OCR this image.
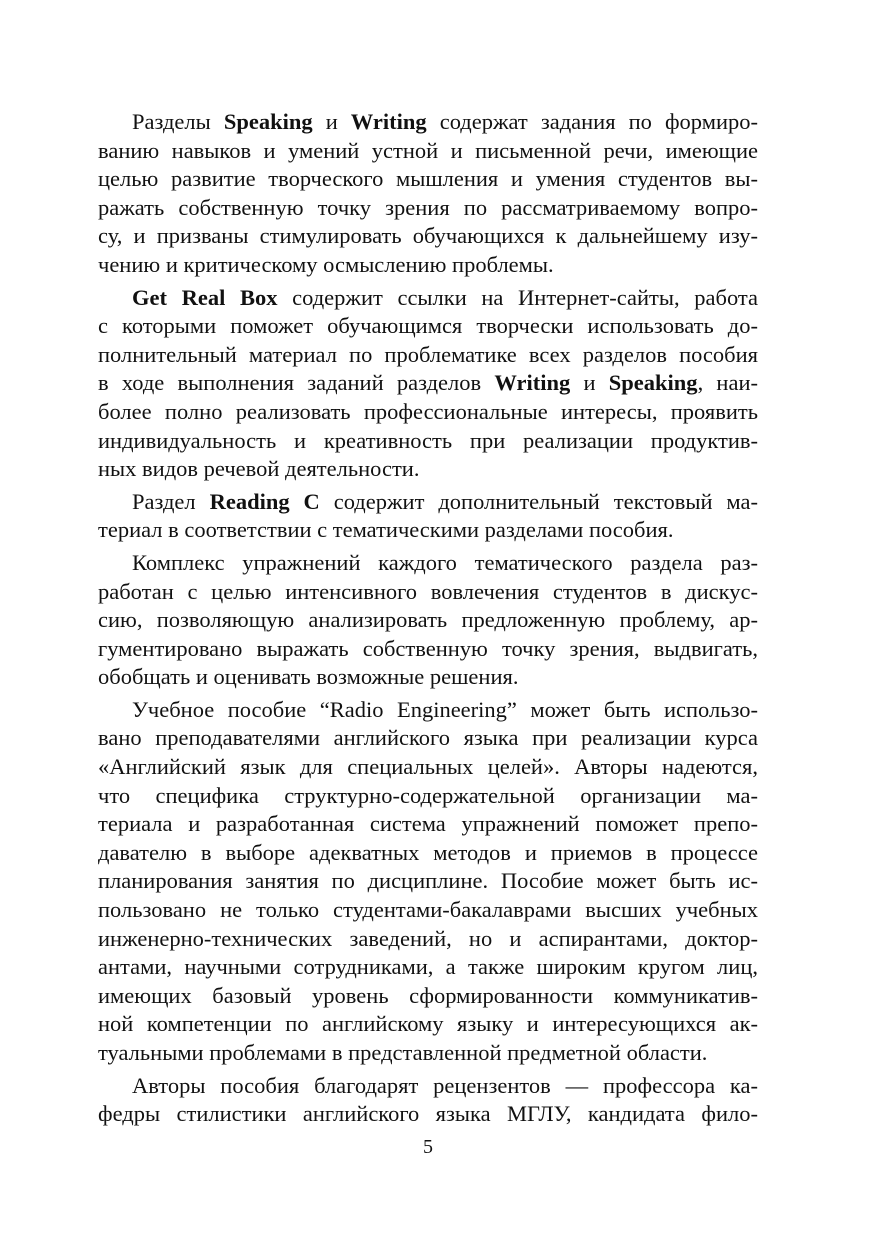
Разделы Speaking и Writing содержат задания по формиро-
ванию навыков и умений устной и письменной речи, имеющие
целью развитие творческого мышления и умения студентов вы-
ражать собственную точку зрения по рассматриваемому вопро-
су, и призваны стимулировать обучающихся к дальнейшему изу-
чению и критическому осмыслению проблемы.
Get Real Box содержит ссылки на Интернет-сайты, работа
с которыми поможет обучающимся творчески использовать до-
полнительный материал по проблематике всех разделов пособия
в ходе выполнения заданий разделов Writing и Speaking, наи-
более полно реализовать профессиональные интересы, проявить
индивидуальность и креативность при реализации продуктив-
ных видов речевой деятельности.
Раздел Reading C содержит дополнительный текстовый ма-
териал в соответствии с тематическими разделами пособия.
Комплекс упражнений каждого тематического раздела раз-
работан с целью интенсивного вовлечения студентов в дискус-
сию, позволяющую анализировать предложенную проблему, ар-
гументировано выражать собственную точку зрения, выдвигать,
обобщать и оценивать возможные решения.
Учебное пособие “Radio Engineering” может быть использо-
вано преподавателями английского языка при реализации курса
«Английский язык для специальных целей». Авторы надеются,
что специфика структурно-содержательной организации ма-
териала и разработанная система упражнений поможет препо-
давателю в выборе адекватных методов и приемов в процессе
планирования занятия по дисциплине. Пособие может быть ис-
пользовано не только студентами-бакалаврами высших учебных
инженерно-технических заведений, но и аспирантами, доктор-
антами, научными сотрудниками, а также широким кругом лиц,
имеющих базовый уровень сформированности коммуникатив-
ной компетенции по английскому языку и интересующихся ак-
туальными проблемами в представленной предметной области.
Авторы пособия благодарят рецензентов — профессора ка-
федры стилистики английского языка МГЛУ, кандидата фило-
5
